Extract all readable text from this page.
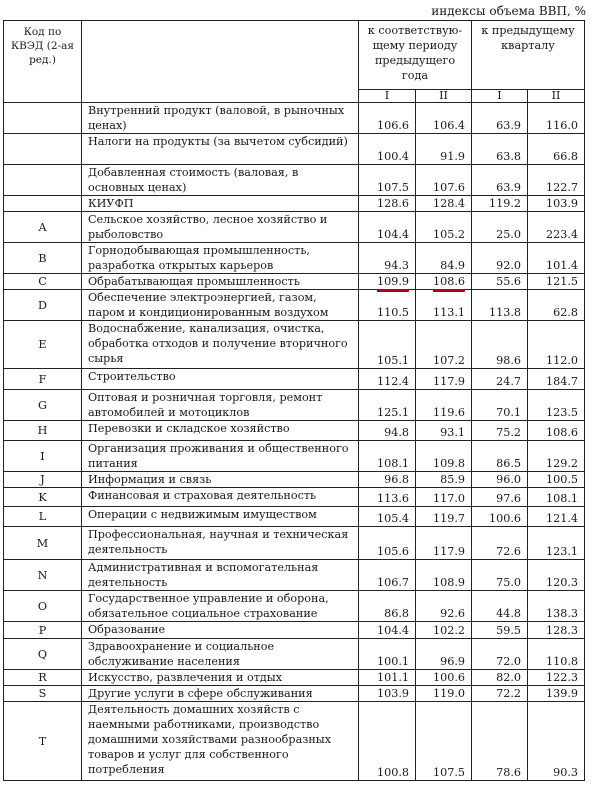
индексы объема ВВП, %
Код по КВЭД (2-ая ред.)		к соответствую-щему периоду предыдущего года		к предыдущему кварталу	
		I	II	I	II
	Внутренний продукт (валовой, в рыночных ценах)	106.6	106.4	63.9	116.0
	Налоги на продукты (за вычетом субсидий)	100.4	91.9	63.8	66.8
	Добавленная стоимость (валовая, в основных ценах)	107.5	107.6	63.9	122.7
	КИУФП	128.6	128.4	119.2	103.9
A	Сельское хозяйство, лесное хозяйство и рыболовство	104.4	105.2	25.0	223.4
B	Горнодобывающая промышленность, разработка открытых карьеров	94.3	84.9	92.0	101.4
C	Обрабатывающая промышленность	109.9	108.6	55.6	121.5
D	Обеспечение электроэнергией, газом, паром и кондиционированным воздухом	110.5	113.1	113.8	62.8
E	Водоснабжение, канализация, очистка, обработка отходов и получение вторичного сырья	105.1	107.2	98.6	112.0
F	Строительство	112.4	117.9	24.7	184.7
G	Оптовая и розничная торговля, ремонт автомобилей и мотоциклов	125.1	119.6	70.1	123.5
H	Перевозки и складское хозяйство	94.8	93.1	75.2	108.6
I	Организация проживания и общественного питания	108.1	109.8	86.5	129.2
J	Информация и связь	96.8	85.9	96.0	100.5
K	Финансовая и страховая деятельность	113.6	117.0	97.6	108.1
L	Операции с недвижимым имуществом	105.4	119.7	100.6	121.4
M	Профессиональная, научная и техническая деятельность	105.6	117.9	72.6	123.1
N	Административная и вспомогательная деятельность	106.7	108.9	75.0	120.3
O	Государственное управление и оборона, обязательное социальное страхование	86.8	92.6	44.8	138.3
P	Образование	104.4	102.2	59.5	128.3
Q	Здравоохранение и социальное обслуживание населения	100.1	96.9	72.0	110.8
R	Искусство, развлечения и отдых	101.1	100.6	82.0	122.3
S	Другие услуги в сфере обслуживания	103.9	119.0	72.2	139.9
T	Деятельность домашних хозяйств с наемными работниками, производство домашними хозяйствами разнообразных товаров и услуг для собственного потребления	100.8	107.5	78.6	90.3
